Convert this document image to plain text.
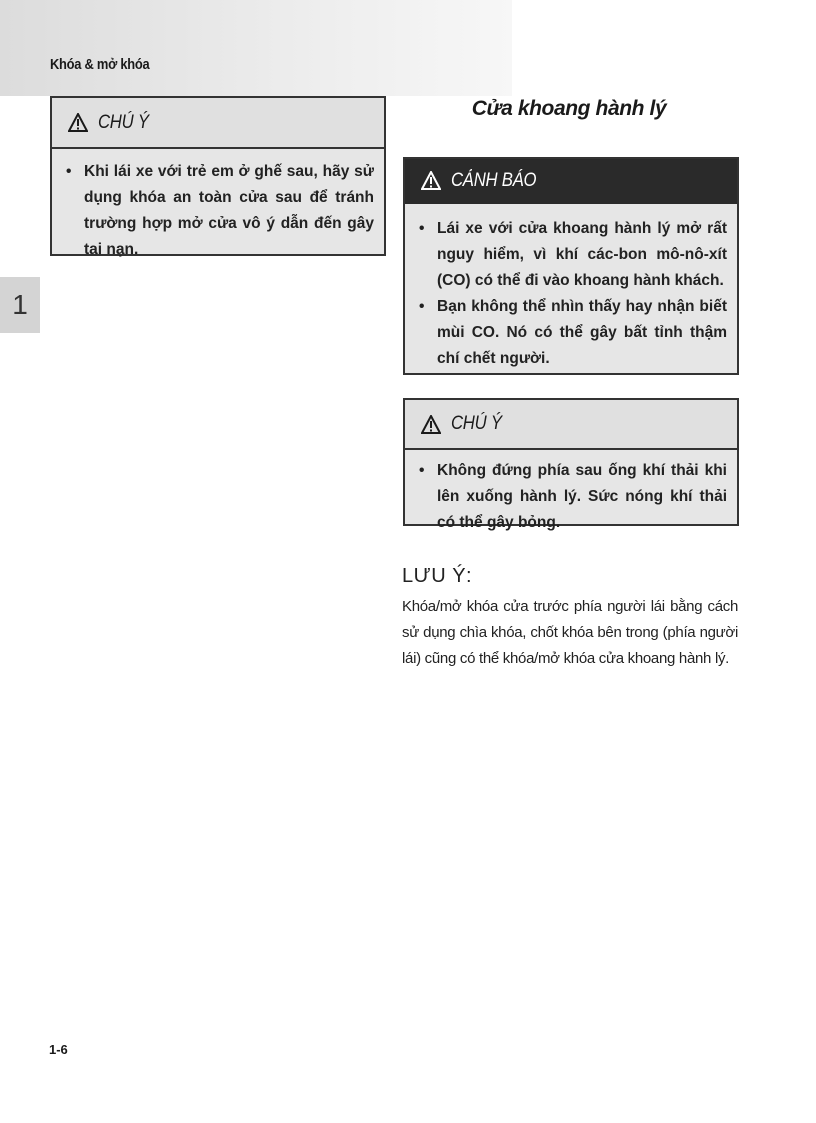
Khóa & mở khóa
1
CHÚ Ý
• Khi lái xe với trẻ em ở ghế sau, hãy sử dụng khóa an toàn cửa sau để tránh trường hợp mở cửa vô ý dẫn đến gây tai nạn.
Cửa khoang hành lý
CẢNH BÁO
• Lái xe với cửa khoang hành lý mở rất nguy hiểm, vì khí các-bon mô-nô-xít (CO) có thể đi vào khoang hành khách.
• Bạn không thể nhìn thấy hay nhận biết mùi CO. Nó có thể gây bất tỉnh thậm chí chết người.
CHÚ Ý
• Không đứng phía sau ống khí thải khi lên xuống hành lý. Sức nóng khí thải có thể gây bỏng.
LƯU Ý:
Khóa/mở khóa cửa trước phía người lái bằng cách sử dụng chìa khóa, chốt khóa bên trong (phía người lái) cũng có thể khóa/mở khóa cửa khoang hành lý.
1-6
